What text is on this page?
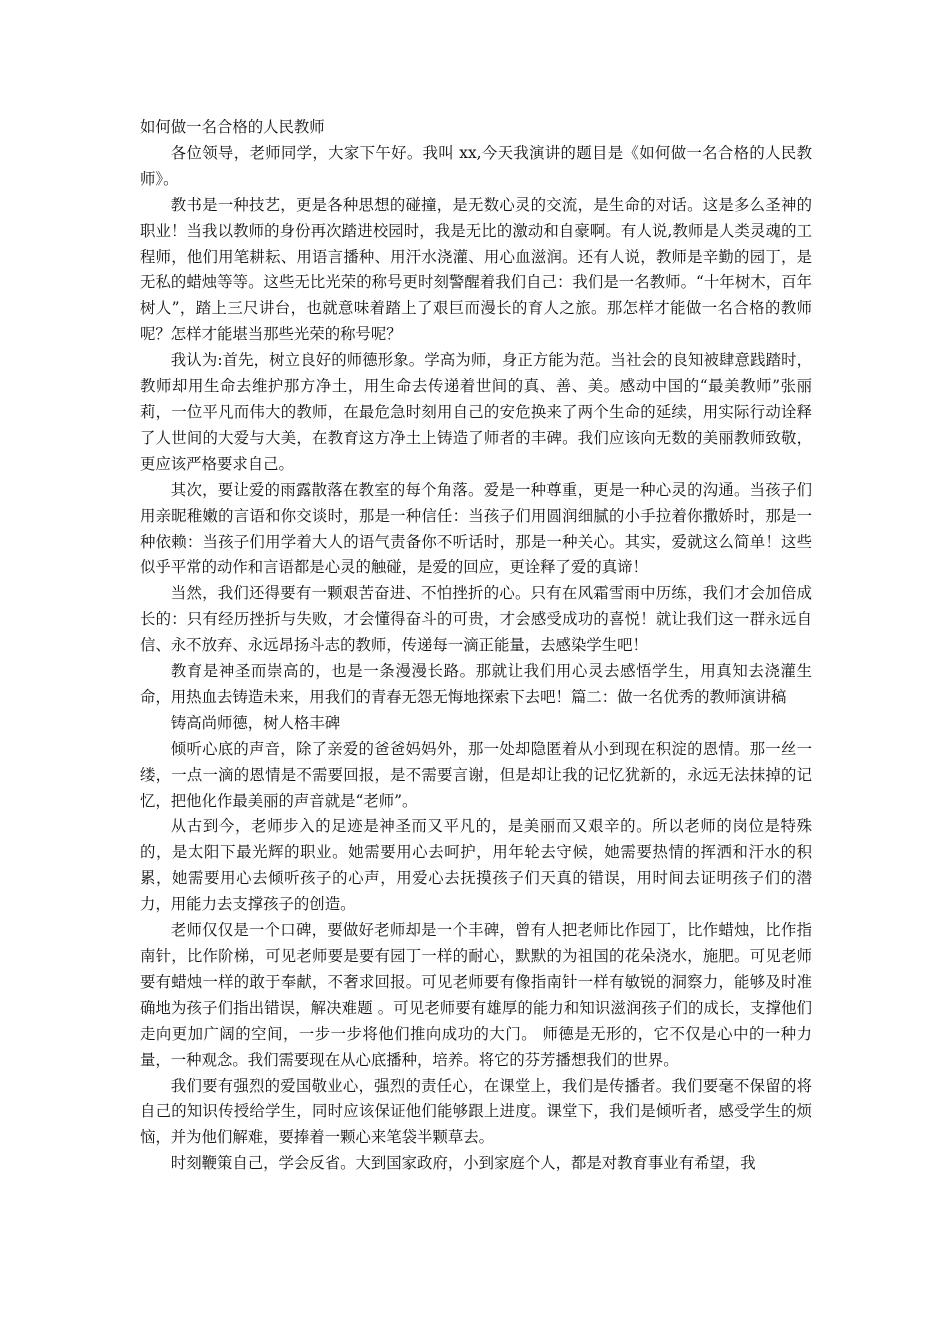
如何做一名合格的人民教师

各位领导，老师同学，大家下午好。我叫 xx,今天我演讲的题目是《如何做一名合格的人民教师》。

教书是一种技艺，更是各种思想的碰撞，是无数心灵的交流，是生命的对话。这是多么圣神的职业！当我以教师的身份再次踏进校园时，我是无比的激动和自豪啊。有人说,教师是人类灵魂的工程师，他们用笔耕耘、用语言播种、用汗水浇灌、用心血滋润。还有人说，教师是辛勤的园丁，是无私的蜡烛等等。这些无比光荣的称号更时刻警醒着我们自己：我们是一名教师。“十年树木，百年树人”，踏上三尺讲台，也就意味着踏上了艰巨而漫长的育人之旅。那怎样才能做一名合格的教师呢？怎样才能堪当那些光荣的称号呢？

我认为:首先，树立良好的师德形象。学高为师，身正方能为范。当社会的良知被肆意践踏时，教师却用生命去维护那方净土，用生命去传递着世间的真、善、美。感动中国的“最美教师”张丽莉，一位平凡而伟大的教师，在最危急时刻用自己的安危换来了两个生命的延续，用实际行动诠释了人世间的大爱与大美，在教育这方净土上铸造了师者的丰碑。我们应该向无数的美丽教师致敬，更应该严格要求自己。

其次，要让爱的雨露散落在教室的每个角落。爱是一种尊重，更是一种心灵的沟通。当孩子们用亲昵稚嫩的言语和你交谈时，那是一种信任：当孩子们用圆润细腻的小手拉着你撒娇时，那是一种依赖：当孩子们用学着大人的语气责备你不听话时，那是一种关心。其实，爱就这么简单！这些似乎平常的动作和言语都是心灵的触碰，是爱的回应，更诠释了爱的真谛！

当然，我们还得要有一颗艰苦奋进、不怕挫折的心。只有在风霜雪雨中历练，我们才会加倍成长的：只有经历挫折与失败，才会懂得奋斗的可贵，才会感受成功的喜悦！就让我们这一群永远自信、永不放弃、永远昂扬斗志的教师，传递每一滴正能量，去感染学生吧！

教育是神圣而崇高的，也是一条漫漫长路。那就让我们用心灵去感悟学生，用真知去浇灌生命，用热血去铸造未来，用我们的青春无怨无悔地探索下去吧！篇二：做一名优秀的教师演讲稿

铸高尚师德，树人格丰碑

倾听心底的声音，除了亲爱的爸爸妈妈外，那一处却隐匿着从小到现在积淀的恩情。那一丝一缕，一点一滴的恩情是不需要回报，是不需要言谢，但是却让我的记忆犹新的，永远无法抹掉的记忆，把他化作最美丽的声音就是“老师”。

从古到今，老师步入的足迹是神圣而又平凡的，是美丽而又艰辛的。所以老师的岗位是特殊的，是太阳下最光辉的职业。她需要用心去呵护，用年轮去守候，她需要热情的挥洒和汗水的积累，她需要用心去倾听孩子的心声，用爱心去抚摸孩子们天真的错误，用时间去证明孩子们的潜力，用能力去支撑孩子的创造。

老师仅仅是一个口碑，要做好老师却是一个丰碑，曾有人把老师比作园丁，比作蜡烛，比作指南针，比作阶梯，可见老师要是要有园丁一样的耐心，默默的为祖国的花朵浇水，施肥。可见老师要有蜡烛一样的敢于奉献，不奢求回报。可见老师要有像指南针一样有敏锐的洞察力，能够及时准确地为孩子们指出错误，解决难题 。可见老师要有雄厚的能力和知识滋润孩子们的成长，支撑他们走向更加广阔的空间，一步一步将他们推向成功的大门。 师德是无形的，它不仅是心中的一种力量，一种观念。我们需要现在从心底播种，培养。将它的芬芳播想我们的世界。

我们要有强烈的爱国敬业心，强烈的责任心，在课堂上，我们是传播者。我们要毫不保留的将自己的知识传授给学生，同时应该保证他们能够跟上进度。课堂下，我们是倾听者，感受学生的烦恼，并为他们解难，要捧着一颗心来笔袋半颗草去。

时刻鞭策自己，学会反省。大到国家政府，小到家庭个人，都是对教育事业有希望，我
